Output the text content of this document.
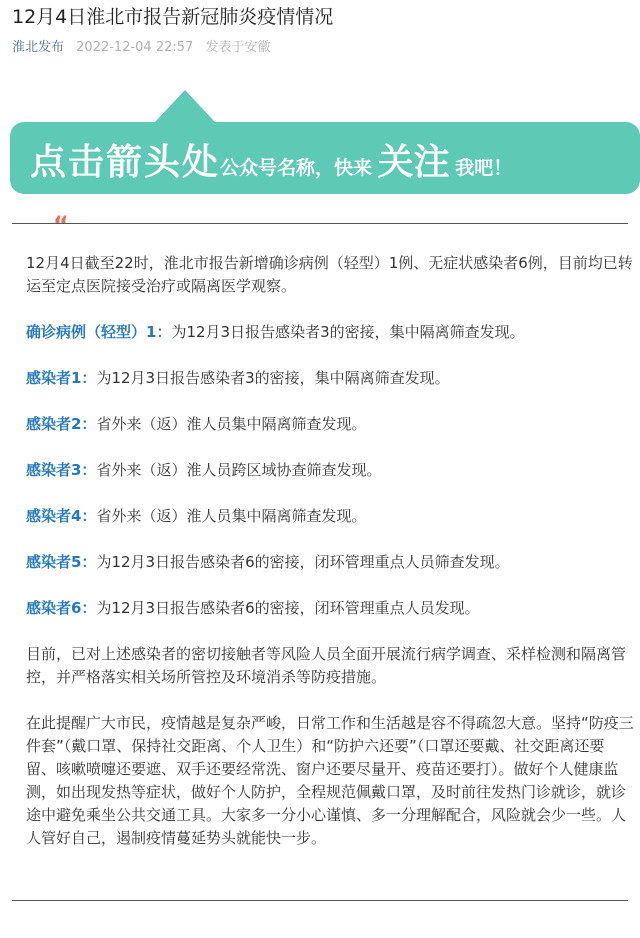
12月4日淮北市报告新冠肺炎疫情情况
淮北发布 2022-12-04 22:57 发表于安徽
点击箭头处公众号名称，快来 关注 我吧！
“
12月4日截至22时，淮北市报告新增确诊病例（轻型）1例、无症状感染者6例，目前均已转运至定点医院接受治疗或隔离医学观察。
确诊病例（轻型）1：为12月3日报告感染者3的密接，集中隔离筛查发现。
感染者1：为12月3日报告感染者3的密接，集中隔离筛查发现。
感染者2：省外来（返）淮人员集中隔离筛查发现。
感染者3：省外来（返）淮人员跨区域协查筛查发现。
感染者4：省外来（返）淮人员集中隔离筛查发现。
感染者5：为12月3日报告感染者6的密接，闭环管理重点人员筛查发现。
感染者6：为12月3日报告感染者6的密接，闭环管理重点人员发现。
目前，已对上述感染者的密切接触者等风险人员全面开展流行病学调查、采样检测和隔离管控，并严格落实相关场所管控及环境消杀等防疫措施。
在此提醒广大市民，疫情越是复杂严峻，日常工作和生活越是容不得疏忽大意。坚持“防疫三件套”（戴口罩、保持社交距离、个人卫生）和“防护六还要”（口罩还要戴、社交距离还要留、咳嗽喷嚏还要遮、双手还要经常洗、窗户还要尽量开、疫苗还要打）。做好个人健康监测，如出现发热等症状，做好个人防护，全程规范佩戴口罩，及时前往发热门诊就诊，就诊途中避免乘坐公共交通工具。大家多一分小心谨慎、多一分理解配合，风险就会少一些。人人管好自己，遏制疫情蔓延势头就能快一步。
